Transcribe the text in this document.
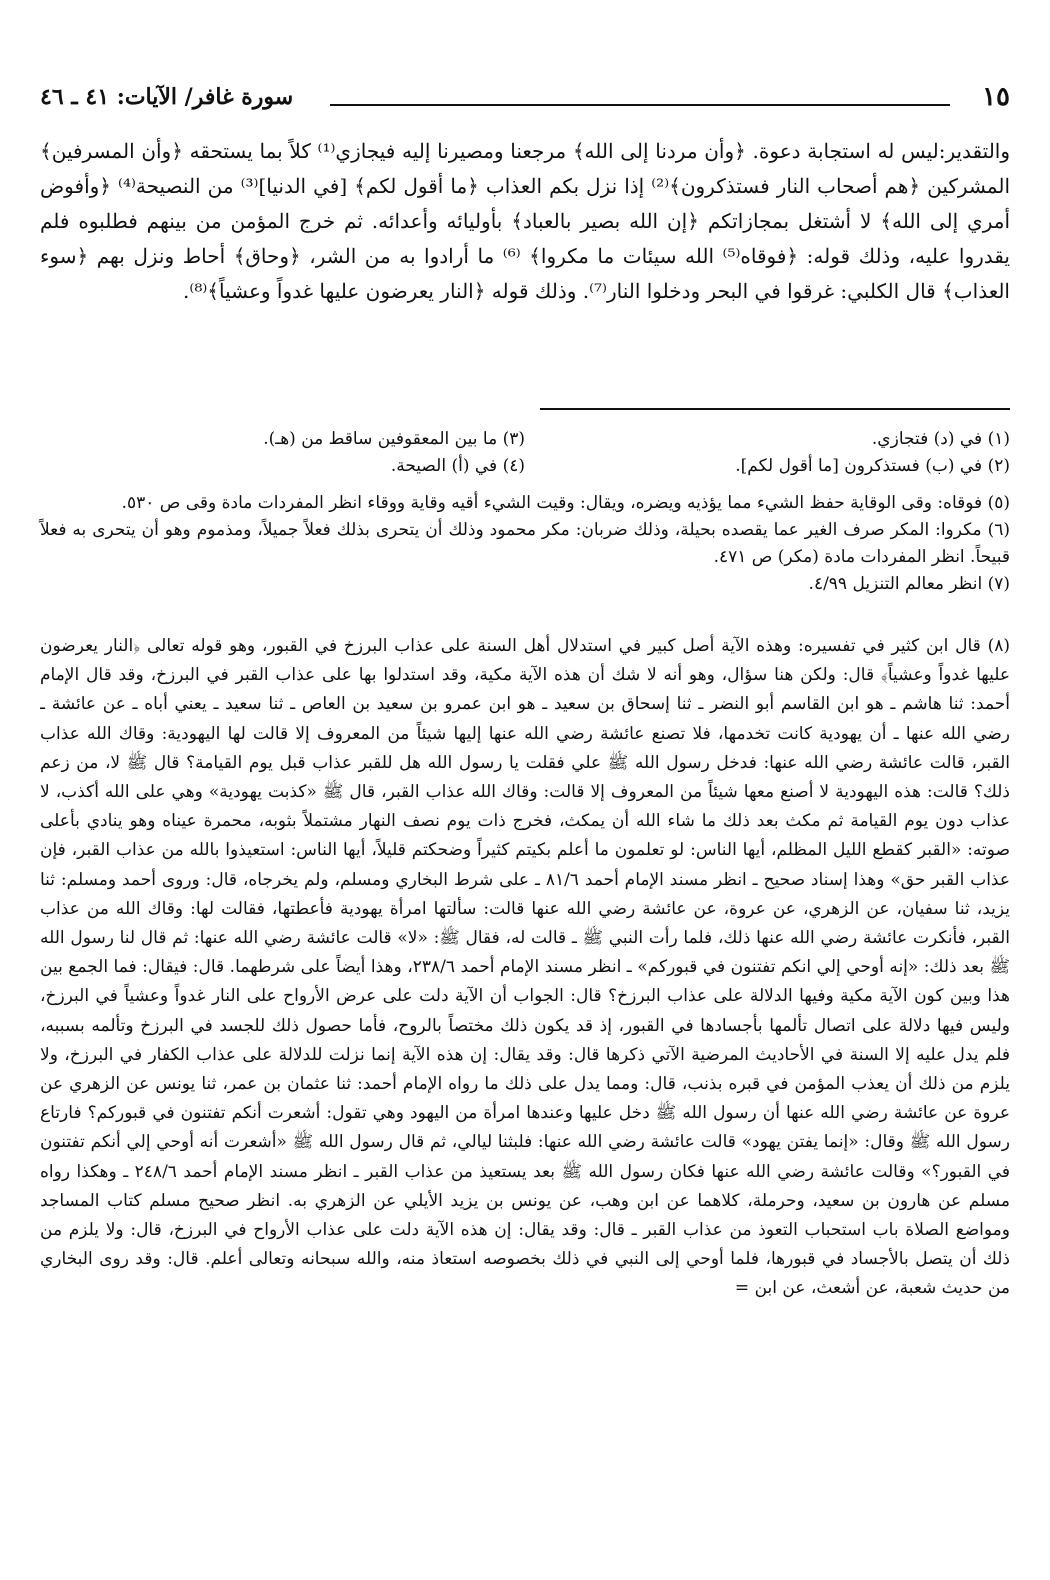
١٥
سورة غافر/ الآيات: ٤١ ـ ٤٦

والتقدير:ليس له استجابة دعوة. ﴿وأن مردنا إلى الله﴾ مرجعنا ومصيرنا إليه فيجازي⁽¹⁾ كلاً بما يستحقه ﴿وأن المسرفين﴾ المشركين ﴿هم أصحاب النار فستذكرون﴾⁽²⁾ إذا نزل بكم العذاب ﴿ما أقول لكم﴾ [في الدنيا]⁽³⁾ من النصيحة⁽⁴⁾ ﴿وأفوض أمري إلى الله﴾ لا أشتغل بمجازاتكم ﴿إن الله بصير بالعباد﴾ بأوليائه وأعدائه. ثم خرج المؤمن من بينهم فطلبوه فلم يقدروا عليه، وذلك قوله: ﴿فوقاه⁽⁵⁾ الله سيئات ما مكروا﴾ ⁽⁶⁾ ما أرادوا به من الشر، ﴿وحاق﴾ أحاط ونزل بهم ﴿سوء العذاب﴾ قال الكلبي: غرقوا في البحر ودخلوا النار⁽⁷⁾. وذلك قوله ﴿النار يعرضون عليها غدواً وعشياً﴾⁽⁸⁾.

(١) في (د) فتجازي.
(٣) ما بين المعقوفين ساقط من (هـ).
(٢) في (ب) فستذكرون [ما أقول لكم].
(٤) في (أ) الصيحة.

(٥) فوقاه: وقى الوقاية حفظ الشيء مما يؤذيه ويضره، ويقال: وقيت الشيء أقيه وقاية ووقاء انظر المفردات مادة وقى ص ٥٣٠.

(٦) مكروا: المكر صرف الغير عما يقصده بحيلة، وذلك ضربان: مكر محمود وذلك أن يتحرى بذلك فعلاً جميلاً، ومذموم وهو أن يتحرى به فعلاً قبيحاً. انظر المفردات مادة (مكر) ص ٤٧١.

(٧) انظر معالم التنزيل ٤/٩٩.

(٨) قال ابن كثير في تفسيره: وهذه الآية أصل كبير في استدلال أهل السنة على عذاب البرزخ في القبور، وهو قوله تعالى ﴿النار يعرضون عليها غدواً وعشياً﴾ قال: ولكن هنا سؤال، وهو أنه لا شك أن هذه الآية مكية، وقد استدلوا بها على عذاب القبر في البرزخ، وقد قال الإمام أحمد: ثنا هاشم ـ هو ابن القاسم أبو النضر ـ ثنا إسحاق بن سعيد ـ هو ابن عمرو بن سعيد بن العاص ـ ثنا سعيد ـ يعني أباه ـ عن عائشة ـ رضي الله عنها ـ أن يهودية كانت تخدمها، فلا تصنع عائشة رضي الله عنها إليها شيئاً من المعروف إلا قالت لها اليهودية: وقاك الله عذاب القبر، قالت عائشة رضي الله عنها: فدخل رسول الله ﷺ علي فقلت يا رسول الله هل للقبر عذاب قبل يوم القيامة؟ قال ﷺ لا، من زعم ذلك؟ قالت: هذه اليهودية لا أصنع معها شيئاً من المعروف إلا قالت: وقاك الله عذاب القبر، قال ﷺ «كذبت يهودية» وهي على الله أكذب، لا عذاب دون يوم القيامة ثم مكث بعد ذلك ما شاء الله أن يمكث، فخرج ذات يوم نصف النهار مشتملاً بثوبه، محمرة عيناه وهو ينادي بأعلى صوته: «القبر كقطع الليل المظلم، أيها الناس: لو تعلمون ما أعلم بكيتم كثيراً وضحكتم قليلاً، أيها الناس: استعيذوا بالله من عذاب القبر، فإن عذاب القبر حق» وهذا إسناد صحيح ـ انظر مسند الإمام أحمد ٨١/٦ ـ على شرط البخاري ومسلم، ولم يخرجاه، قال: وروى أحمد ومسلم: ثنا يزيد، ثنا سفيان، عن الزهري، عن عروة، عن عائشة رضي الله عنها قالت: سألتها امرأة يهودية فأعطتها، فقالت لها: وقاك الله من عذاب القبر، فأنكرت عائشة رضي الله عنها ذلك، فلما رأت النبي ﷺ ـ قالت له، فقال ﷺ: «لا» قالت عائشة رضي الله عنها: ثم قال لنا رسول الله ﷺ بعد ذلك: «إنه أوحي إلي انكم تفتنون في قبوركم» ـ انظر مسند الإمام أحمد ٢٣٨/٦، وهذا أيضاً على شرطهما. قال: فيقال: فما الجمع بين هذا وبين كون الآية مكية وفيها الدلالة على عذاب البرزخ؟ قال: الجواب أن الآية دلت على عرض الأرواح على النار غدواً وعشياً في البرزخ، وليس فيها دلالة على اتصال تألمها بأجسادها في القبور، إذ قد يكون ذلك مختصاً بالروح، فأما حصول ذلك للجسد في البرزخ وتألمه بسببه، فلم يدل عليه إلا السنة في الأحاديث المرضية الآتي ذكرها قال: وقد يقال: إن هذه الآية إنما نزلت للدلالة على عذاب الكفار في البرزخ، ولا يلزم من ذلك أن يعذب المؤمن في قبره بذنب، قال: ومما يدل على ذلك ما رواه الإمام أحمد: ثنا عثمان بن عمر، ثنا يونس عن الزهري عن عروة عن عائشة رضي الله عنها أن رسول الله ﷺ دخل عليها وعندها امرأة من اليهود وهي تقول: أشعرت أنكم تفتنون في قبوركم؟ فارتاع رسول الله ﷺ وقال: «إنما يفتن يهود» قالت عائشة رضي الله عنها: فلبثنا ليالي، ثم قال رسول الله ﷺ «أشعرت أنه أوحي إلي أنكم تفتنون في القبور؟» وقالت عائشة رضي الله عنها فكان رسول الله ﷺ بعد يستعيذ من عذاب القبر ـ انظر مسند الإمام أحمد ٢٤٨/٦ ـ وهكذا رواه مسلم عن هارون بن سعيد، وحرملة، كلاهما عن ابن وهب، عن يونس بن يزيد الأيلي عن الزهري به. انظر صحيح مسلم كتاب المساجد ومواضع الصلاة باب استحباب التعوذ من عذاب القبر ـ قال: وقد يقال: إن هذه الآية دلت على عذاب الأرواح في البرزخ، قال: ولا يلزم من ذلك أن يتصل بالأجساد في قبورها، فلما أوحي إلى النبي في ذلك بخصوصه استعاذ منه، والله سبحانه وتعالى أعلم. قال: وقد روى البخاري من حديث شعبة، عن أشعث، عن ابن =
